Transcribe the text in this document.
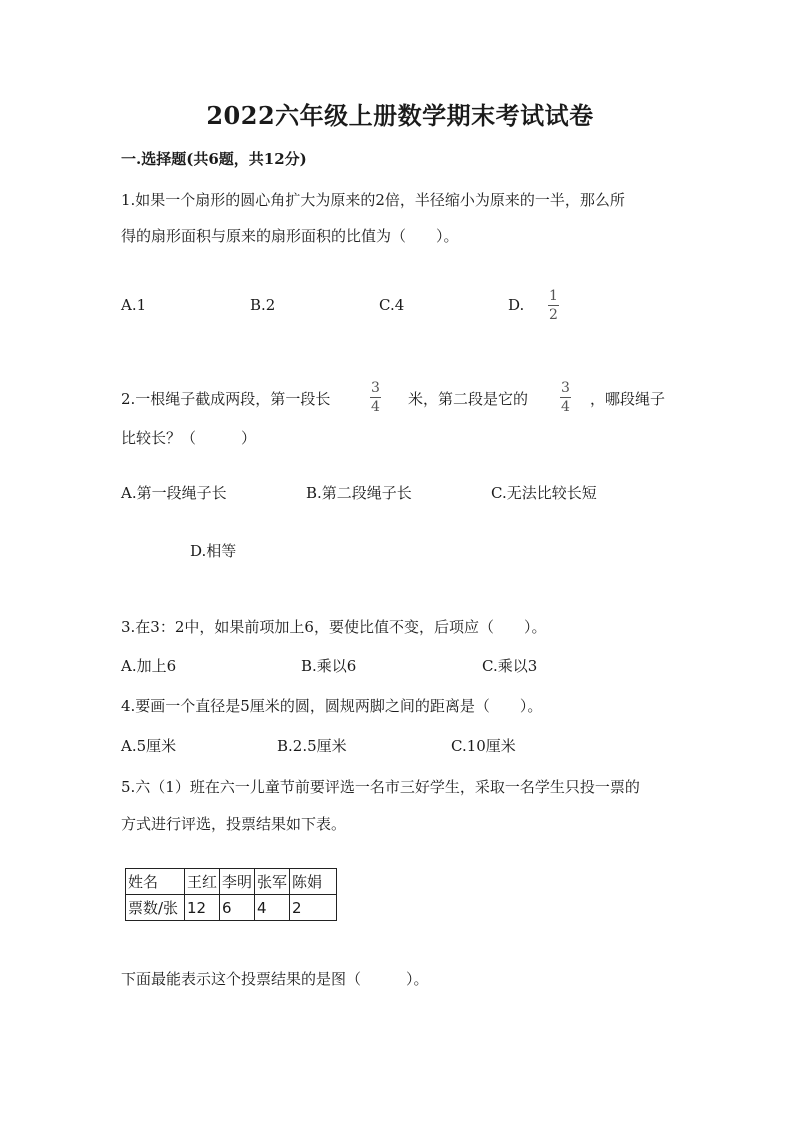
2022六年级上册数学期末考试试卷
一.选择题(共6题，共12分)
1.如果一个扇形的圆心角扩大为原来的2倍，半径缩小为原来的一半，那么所
得的扇形面积与原来的扇形面积的比值为（　　）。
A.1	B.2	C.4	D. 1
2
2.一根绳子截成两段，第一段长
3
4 米，第二段是它的
3
4 ，哪段绳子
比较长？（　　　）
A.第一段绳子长	B.第二段绳子长	C.无法比较长短
D.相等
3.在3：2中，如果前项加上6，要使比值不变，后项应（　　）。
A.加上6	B.乘以6	C.乘以3
4.要画一个直径是5厘米的圆，圆规两脚之间的距离是（　　）。
A.5厘米	B.2.5厘米	C.10厘米
5.六（1）班在六一儿童节前要评选一名市三好学生，采取一名学生只投一票的
方式进行评选，投票结果如下表。
姓名	王红	李明	张军	陈娟
票数/张	12	6	4	2
下面最能表示这个投票结果的是图（　　　）。
